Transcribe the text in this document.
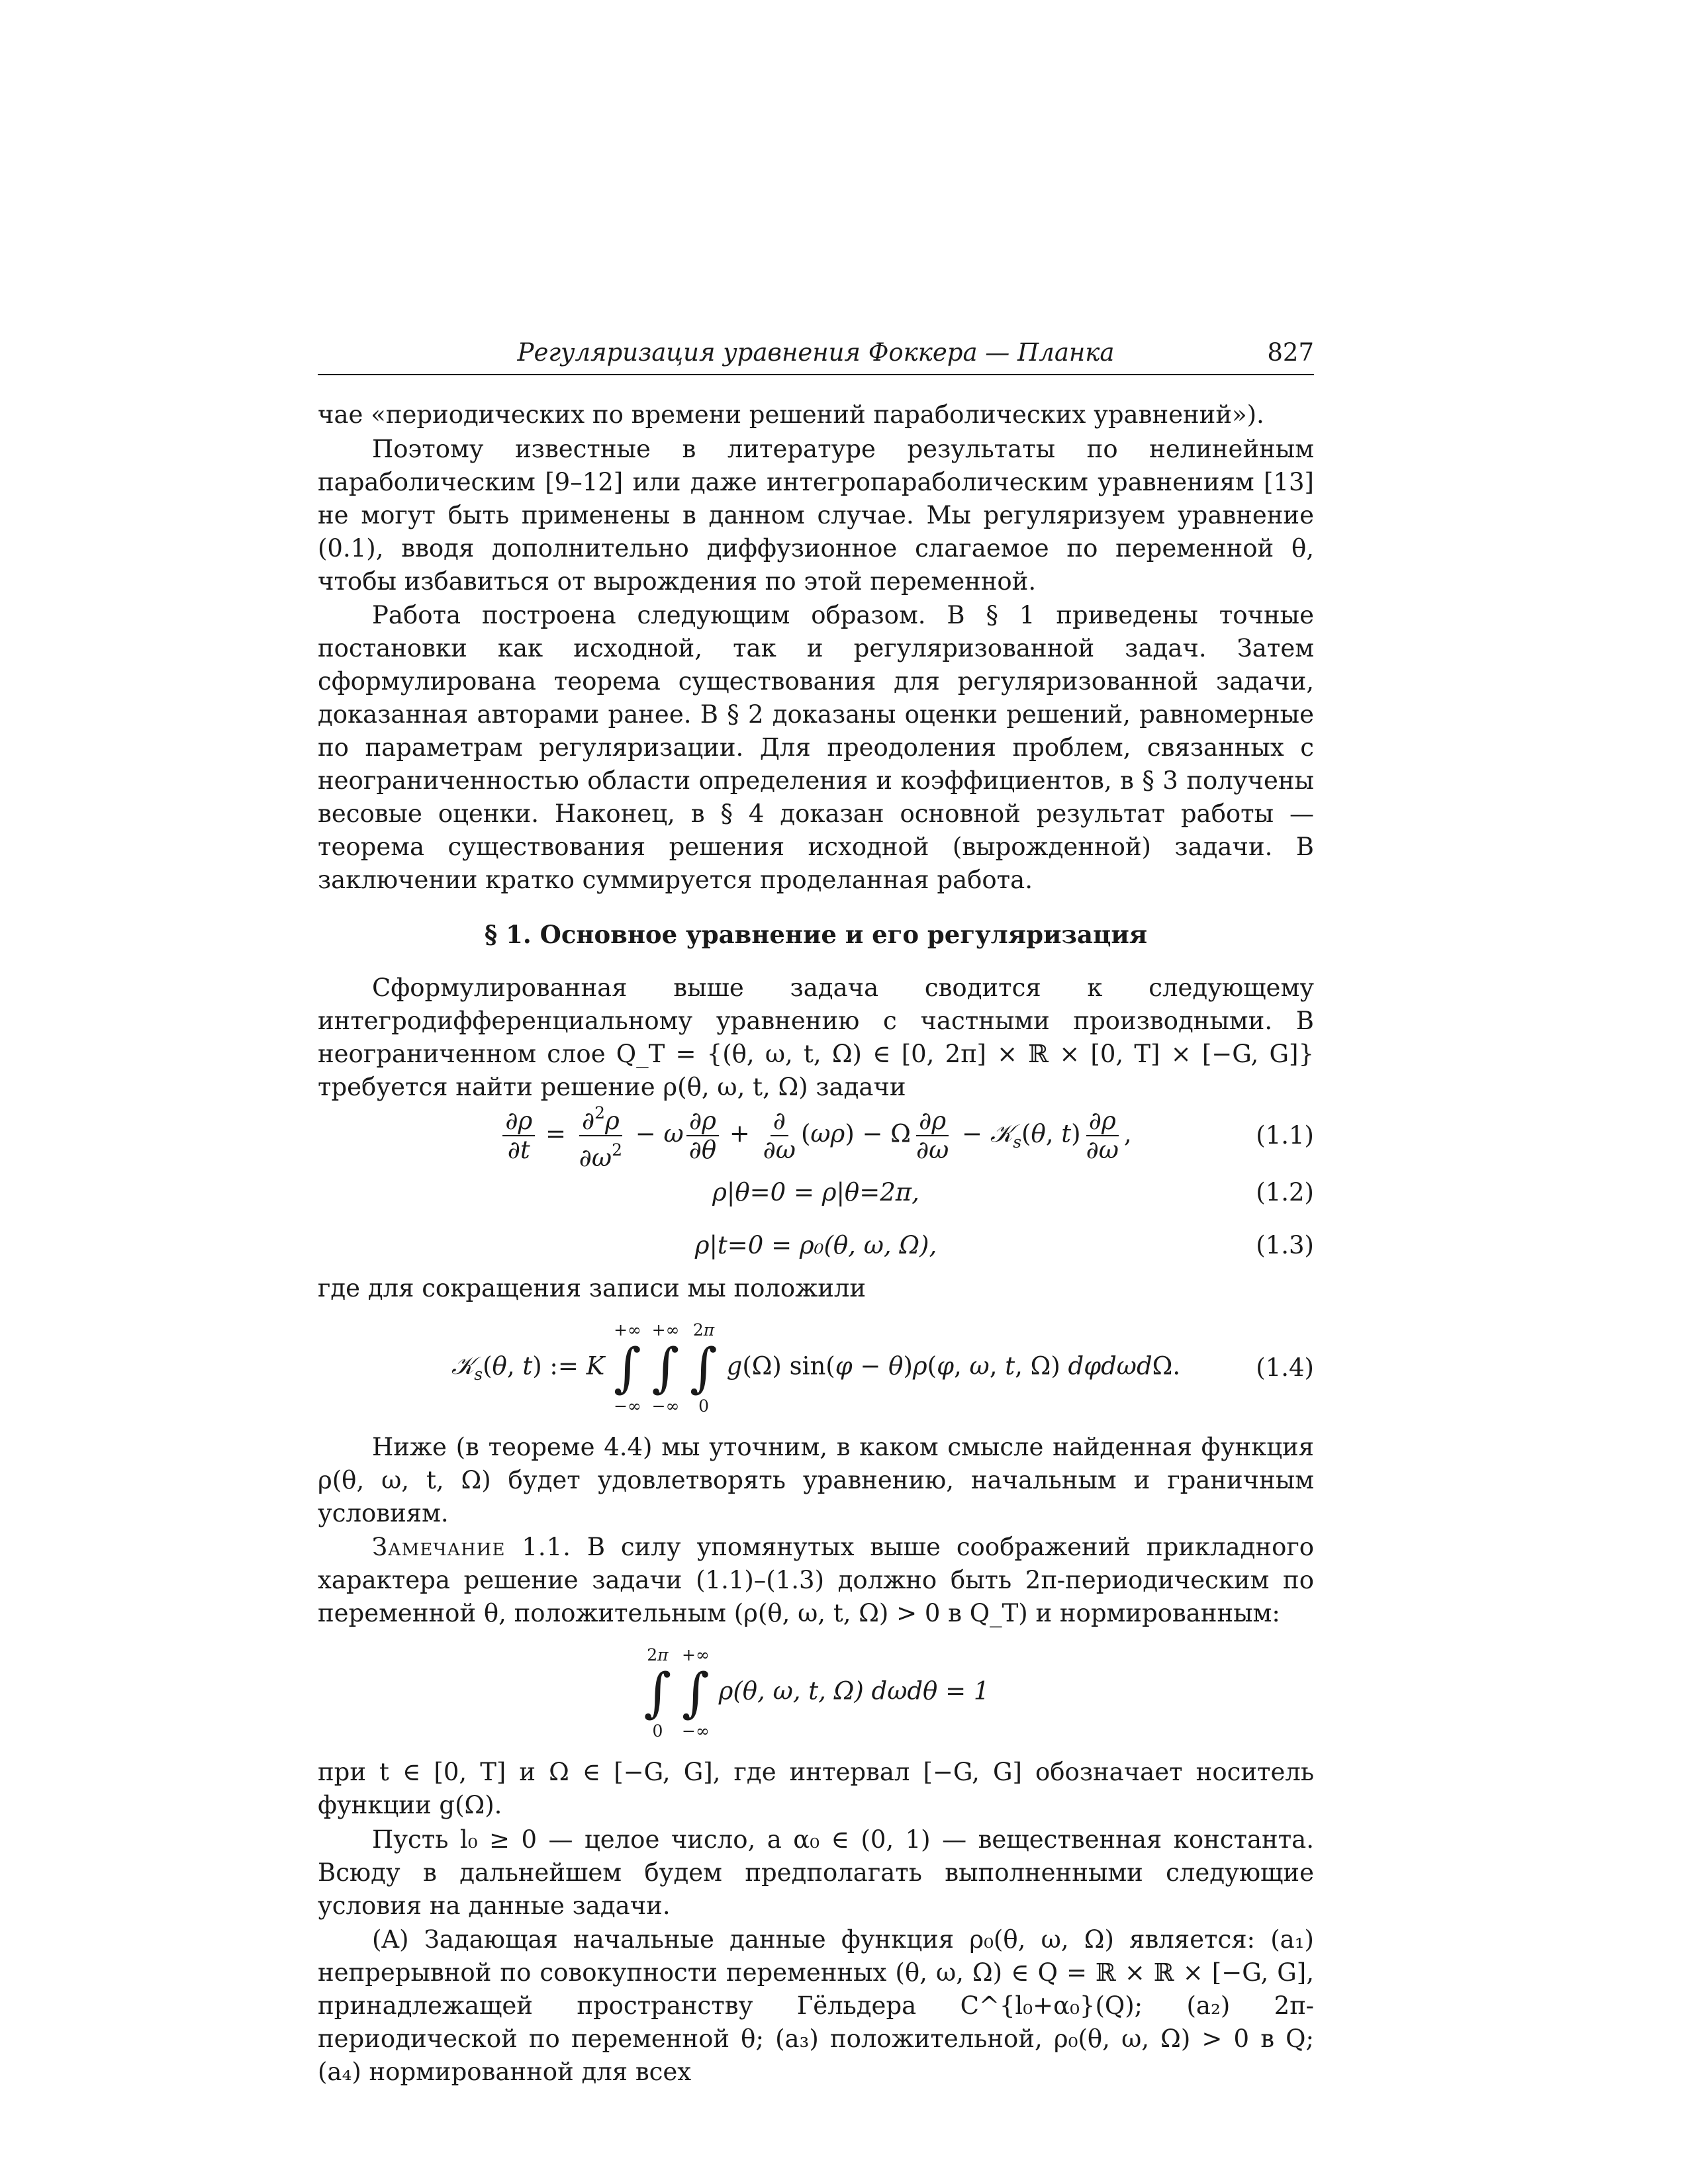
Регуляризация уравнения Фоккера — Планка	827

чае «периодических по времени решений параболических уравнений»).

Поэтому известные в литературе результаты по нелинейным параболическим [9–12] или даже интегропараболическим уравнениям [13] не могут быть применены в данном случае. Мы регуляризуем уравнение (0.1), вводя дополнительно диффузионное слагаемое по переменной θ, чтобы избавиться от вырождения по этой переменной.

Работа построена следующим образом. В § 1 приведены точные постановки как исходной, так и регуляризованной задач. Затем сформулирована теорема существования для регуляризованной задачи, доказанная авторами ранее. В § 2 доказаны оценки решений, равномерные по параметрам регуляризации. Для преодоления проблем, связанных с неограниченностью области определения и коэффициентов, в § 3 получены весовые оценки. Наконец, в § 4 доказан основной результат работы — теорема существования решения исходной (вырожденной) задачи. В заключении кратко суммируется проделанная работа.

§ 1. Основное уравнение и его регуляризация

Сформулированная выше задача сводится к следующему интегродифференциальному уравнению с частными производными. В неограниченном слое Q_T = {(θ, ω, t, Ω) ∈ [0, 2π] × ℝ × [0, T] × [−G, G]} требуется найти решение ρ(θ, ω, t, Ω) задачи

$\frac{\partial\rho}{\partial t} = \frac{\partial^2\rho}{\partial\omega^2} - \omega \frac{\partial\rho}{\partial\theta} + \frac{\partial}{\partial\omega} (\omega\rho) - \Omega \frac{\partial\rho}{\partial\omega}$ − 𝒦$_s$(θ, $t) \frac{\partial\rho}{\partial\omega}$ ,	(1.1)
ρ|θ=0 = ρ|θ=2π,	(1.2)
ρ|t=0 = ρ₀(θ, ω, Ω),	(1.3)

где для сокращения записи мы положили

𝒦$_s$(θ, t) := K
+∞
∫
−∞

+∞
∫
−∞

2π
∫
0
g(Ω) sin(φ − θ)ρ(φ, ω, t, Ω) dφdωdΩ.	(1.4)

Ниже (в теореме 4.4) мы уточним, в каком смысле найденная функция ρ(θ, ω, t, Ω) будет удовлетворять уравнению, начальным и граничным условиям.

Замечание 1.1. В силу упомянутых выше соображений прикладного характера решение задачи (1.1)–(1.3) должно быть 2π-периодическим по переменной θ, положительным (ρ(θ, ω, t, Ω) > 0 в Q_T) и нормированным:

2π
∫
0

+∞
∫
−∞
ρ(θ, ω, t, Ω) dωdθ = 1

при t ∈ [0, T] и Ω ∈ [−G, G], где интервал [−G, G] обозначает носитель функции g(Ω).

Пусть l₀ ≥ 0 — целое число, а α₀ ∈ (0, 1) — вещественная константа. Всюду в дальнейшем будем предполагать выполненными следующие условия на данные задачи.

(A) Задающая начальные данные функция ρ₀(θ, ω, Ω) является: (a₁) непрерывной по совокупности переменных (θ, ω, Ω) ∈ Q = ℝ × ℝ × [−G, G], принадлежащей пространству Гёльдера C^{l₀+α₀}(Q); (a₂) 2π-периодической по переменной θ; (a₃) положительной, ρ₀(θ, ω, Ω) > 0 в Q; (a₄) нормированной для всех
